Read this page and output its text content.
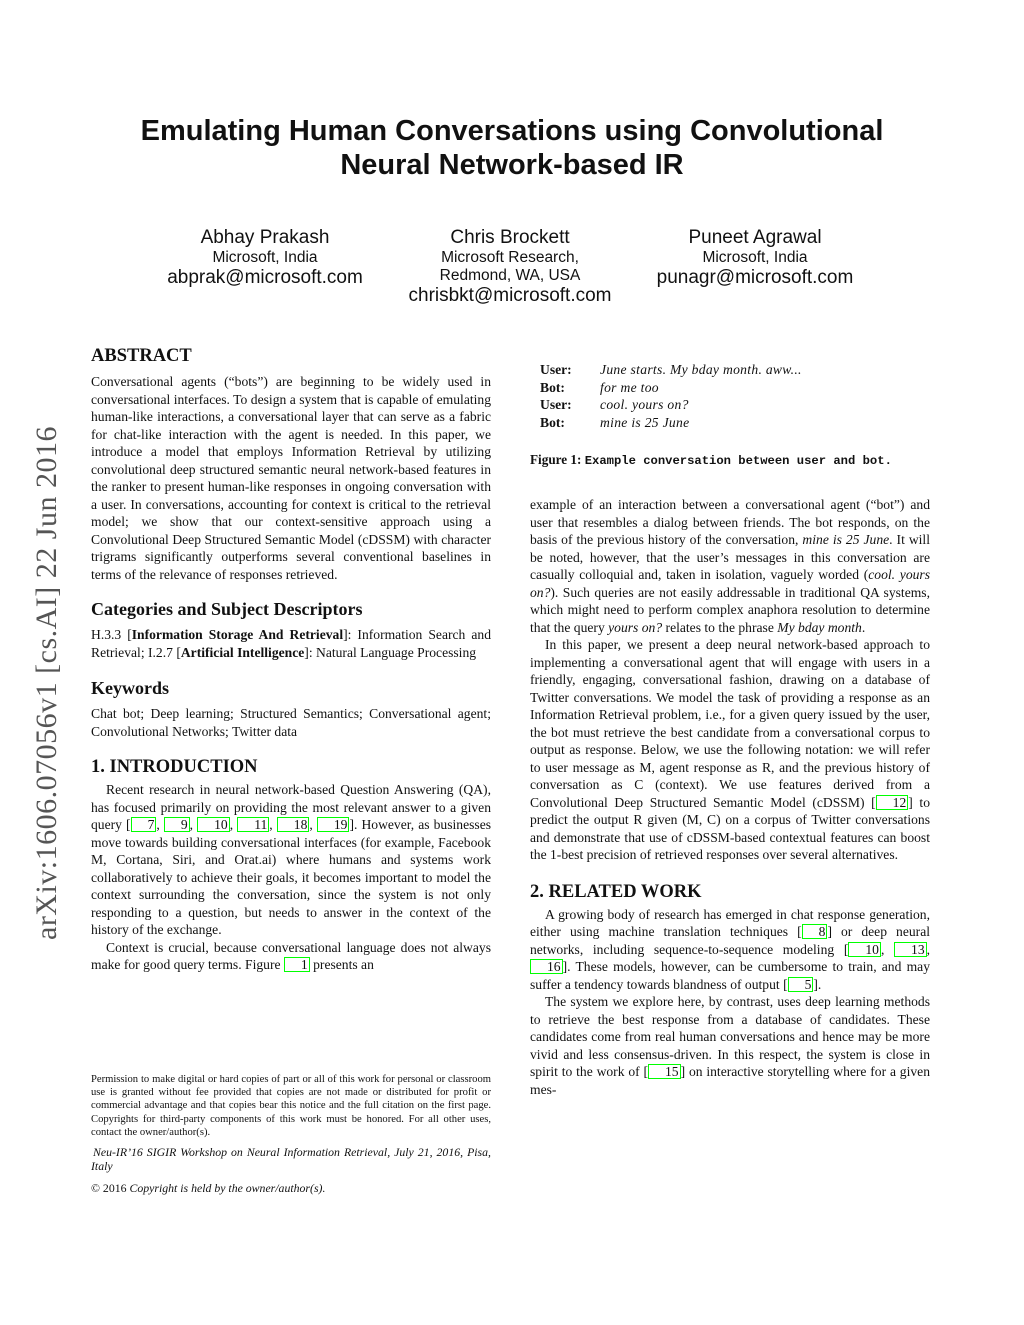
Emulating Human Conversations using Convolutional
Neural Network-based IR
Abhay Prakash
Microsoft, India
abprak@microsoft.com
Chris Brockett
Microsoft Research,
Redmond, WA, USA
chrisbkt@microsoft.com
Puneet Agrawal
Microsoft, India
punagr@microsoft.com
arXiv:1606.07056v1 [cs.AI] 22 Jun 2016
ABSTRACT

Conversational agents (“bots”) are beginning to be widely used in conversational interfaces. To design a system that is capable of emulating human-like interactions, a conversational layer that can serve as a fabric for chat-like interaction with the agent is needed. In this paper, we introduce a model that employs Information Retrieval by utilizing convolutional deep structured semantic neural network-based features in the ranker to present human-like responses in ongoing conversation with a user. In conversations, accounting for context is critical to the retrieval model; we show that our context-sensitive approach using a Convolutional Deep Structured Semantic Model (cDSSM) with character trigrams significantly outperforms several conventional baselines in terms of the relevance of responses retrieved.

Categories and Subject Descriptors

H.3.3 [Information Storage And Retrieval]: Information Search and Retrieval; I.2.7 [Artificial Intelligence]: Natural Language Processing

Keywords

Chat bot; Deep learning; Structured Semantics; Conversational agent; Convolutional Networks; Twitter data

1. INTRODUCTION

Recent research in neural network-based Question Answering (QA), has focused primarily on providing the most relevant answer to a given query [ 7 , 9 , 10 , 11 , 18 , 19 ]. However, as businesses move towards building conversational interfaces (for example, Facebook M, Cortana, Siri, and Orat.ai) where humans and systems work collaboratively to achieve their goals, it becomes important to model the context surrounding the conversation, since the system is not only responding to a question, but needs to answer in the context of the history of the exchange.

Context is crucial, because conversational language does not always make for good query terms. Figure 1 presents an

Permission to make digital or hard copies of part or all of this work for personal or classroom use is granted without fee provided that copies are not made or distributed for profit or commercial advantage and that copies bear this notice and the full citation on the first page. Copyrights for third-party components of this work must be honored. For all other uses, contact the owner/author(s).

Neu-IR’16 SIGIR Workshop on Neural Information Retrieval, July 21, 2016, Pisa, Italy

© 2016 Copyright is held by the owner/author(s).

User:	June starts. My bday month. aww...
Bot:	for me too
User:	cool. yours on?
Bot:	mine is 25 June
Figure 1: Example conversation between user and bot.

example of an interaction between a conversational agent (“bot”) and user that resembles a dialog between friends. The bot responds, on the basis of the previous history of the conversation, mine is 25 June. It will be noted, however, that the user’s messages in this conversation are casually colloquial and, taken in isolation, vaguely worded (cool. yours on?). Such queries are not easily addressable in traditional QA systems, which might need to perform complex anaphora resolution to determine that the query yours on? relates to the phrase My bday month.

In this paper, we present a deep neural network-based approach to implementing a conversational agent that will engage with users in a friendly, engaging, conversational fashion, drawing on a database of Twitter conversations. We model the task of providing a response as an Information Retrieval problem, i.e., for a given query issued by the user, the bot must retrieve the best candidate from a conversational corpus to output as response. Below, we use the following notation: we will refer to user message as M, agent response as R, and the previous history of conversation as C (context). We use features derived from a Convolutional Deep Structured Semantic Model (cDSSM) [ 12 ] to predict the output R given (M, C) on a corpus of Twitter conversations and demonstrate that use of cDSSM-based contextual features can boost the 1-best precision of retrieved responses over several alternatives.

2. RELATED WORK

A growing body of research has emerged in chat response generation, either using machine translation techniques [ 8 ] or deep neural networks, including sequence-to-sequence modeling [ 10 , 13 , 16 ]. These models, however, can be cumbersome to train, and may suffer a tendency towards blandness of output [ 5 ].

The system we explore here, by contrast, uses deep learning methods to retrieve the best response from a database of candidates. These candidates come from real human conversations and hence may be more vivid and less consensus-driven. In this respect, the system is close in spirit to the work of [ 15 ] on interactive storytelling where for a given mes-
